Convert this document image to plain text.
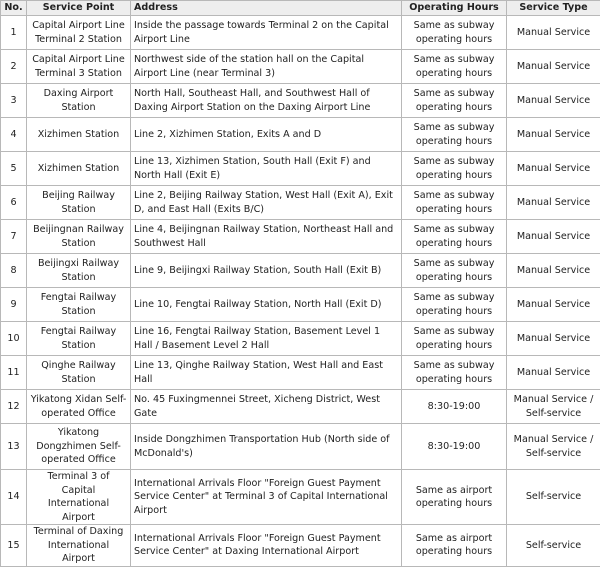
No.	Service Point	Address	Operating Hours	Service Type
1	Capital Airport Line Terminal 2 Station	Inside the passage towards Terminal 2 on the Capital Airport Line	Same as subway operating hours	Manual Service
2	Capital Airport Line Terminal 3 Station	Northwest side of the station hall on the Capital Airport Line (near Terminal 3)	Same as subway operating hours	Manual Service
3	Daxing Airport Station	North Hall, Southeast Hall, and Southwest Hall of Daxing Airport Station on the Daxing Airport Line	Same as subway operating hours	Manual Service
4	Xizhimen Station	Line 2, Xizhimen Station, Exits A and D	Same as subway operating hours	Manual Service
5	Xizhimen Station	Line 13, Xizhimen Station, South Hall (Exit F) and North Hall (Exit E)	Same as subway operating hours	Manual Service
6	Beijing Railway Station	Line 2, Beijing Railway Station, West Hall (Exit A), Exit D, and East Hall (Exits B/C)	Same as subway operating hours	Manual Service
7	Beijingnan Railway Station	Line 4, Beijingnan Railway Station, Northeast Hall and Southwest Hall	Same as subway operating hours	Manual Service
8	Beijingxi Railway Station	Line 9, Beijingxi Railway Station, South Hall (Exit B)	Same as subway operating hours	Manual Service
9	Fengtai Railway Station	Line 10, Fengtai Railway Station, North Hall (Exit D)	Same as subway operating hours	Manual Service
10	Fengtai Railway Station	Line 16, Fengtai Railway Station, Basement Level 1 Hall / Basement Level 2 Hall	Same as subway operating hours	Manual Service
11	Qinghe Railway Station	Line 13, Qinghe Railway Station, West Hall and East Hall	Same as subway operating hours	Manual Service
12	Yikatong Xidan Self-operated Office	No. 45 Fuxingmennei Street, Xicheng District, West Gate	8:30-19:00	Manual Service / Self-service
13	Yikatong Dongzhimen Self-operated Office	Inside Dongzhimen Transportation Hub (North side of McDonald's)	8:30-19:00	Manual Service / Self-service
14	Terminal 3 of Capital International Airport	International Arrivals Floor "Foreign Guest Payment Service Center" at Terminal 3 of Capital International Airport	Same as airport operating hours	Self-service
15	Terminal of Daxing International Airport	International Arrivals Floor "Foreign Guest Payment Service Center" at Daxing International Airport	Same as airport operating hours	Self-service
